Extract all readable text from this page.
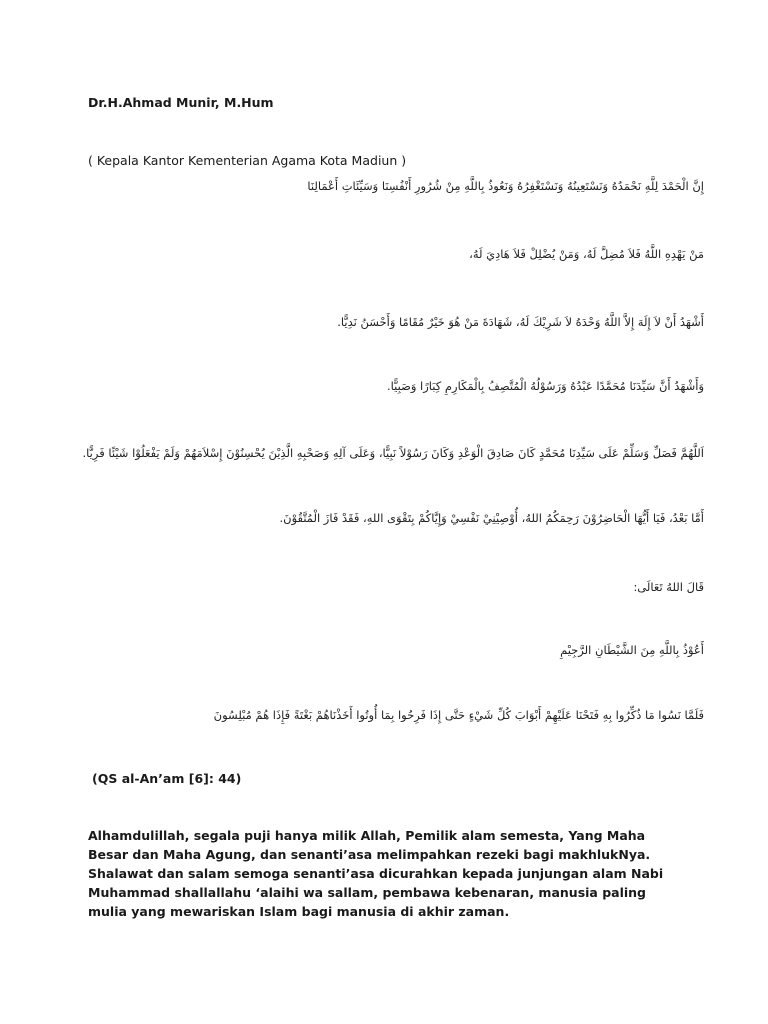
Dr.H.Ahmad Munir, M.Hum
( Kepala Kantor Kementerian Agama Kota Madiun )
إِنَّ الْحَمْدَ لِلَّهِ نَحْمَدُهُ وَنَسْتَعِينُهُ وَنَسْتَغْفِرُهُ وَنَعُوذُ بِاللَّهِ مِنْ شُرُورِ أَنْفُسِنَا وَسَيِّئَاتِ أَعْمَالِنَا
مَنْ يَهْدِهِ اللَّهُ فَلاَ مُضِلَّ لَهُ، وَمَنْ يُضْلِلْ فَلاَ هَادِيَ لَهُ،
أَشْهَدُ أَنْ لاَ إِلَهَ إِلاَّ اللَّهُ وَحْدَهُ لاَ شَرِيْكَ لَهُ، شَهَادَةَ مَنْ هُوَ خَيْرٌ مُقَامًا وَأَحْسَنُ نَدِيًّا.
وَأَشْهَدُ أَنَّ سَيِّدَنَا مُحَمَّدًا عَبْدُهُ وَرَسُوْلُهُ الْمُتَّصِفُ بِالْمَكَارِمِ كِبَارًا وَصَبِيًّا.
اَللَّهُمَّ فَصَلِّ وَسَلِّمْ عَلَى سَيِّدِنَا مُحَمَّدٍ كَانَ صَادِقَ الْوَعْدِ وَكَانَ رَسُوْلاً نَبِيًّا، وَعَلَى آلِهِ وَصَحْبِهِ الَّذِيْنَ يُحْسِنُوْنَ إِسْلاَمَهُمْ وَلَمْ يَفْعَلُوْا شَيْئًا فَرِيًّا.
أَمَّا بَعْدُ، فَيَا أَيُّهَا الْحَاضِرُوْنَ رَحِمَكُمُ اللهُ، أُوْصِيْنِيْ نَفْسِيْ وَإِيَّاكُمْ بِتَقْوَى اللهِ، فَقَدْ فَازَ الْمُتَّقُوْنَ.
قَالَ اللهُ تَعَالَى:
أَعُوْذُ بِاللَّهِ مِنَ الشَّيْطَانِ الرَّجِيْمِ
فَلَمَّا نَسُوا مَا ذُكِّرُوا بِهِ فَتَحْنَا عَلَيْهِمْ أَبْوَابَ كُلِّ شَيْءٍ حَتَّى إِذَا فَرِحُوا بِمَا أُوتُوا أَخَذْنَاهُمْ بَغْتَةً فَإِذَا هُمْ مُبْلِسُونَ
(QS al-An’am [6]: 44)
Alhamdulillah, segala puji hanya milik Allah, Pemilik alam semesta, Yang Maha Besar dan Maha Agung, dan senanti’asa melimpahkan rezeki bagi makhlukNya. Shalawat dan salam semoga senanti’asa dicurahkan kepada junjungan alam Nabi Muhammad shallallahu ‘alaihi wa sallam, pembawa kebenaran, manusia paling mulia yang mewariskan Islam bagi manusia di akhir zaman.
